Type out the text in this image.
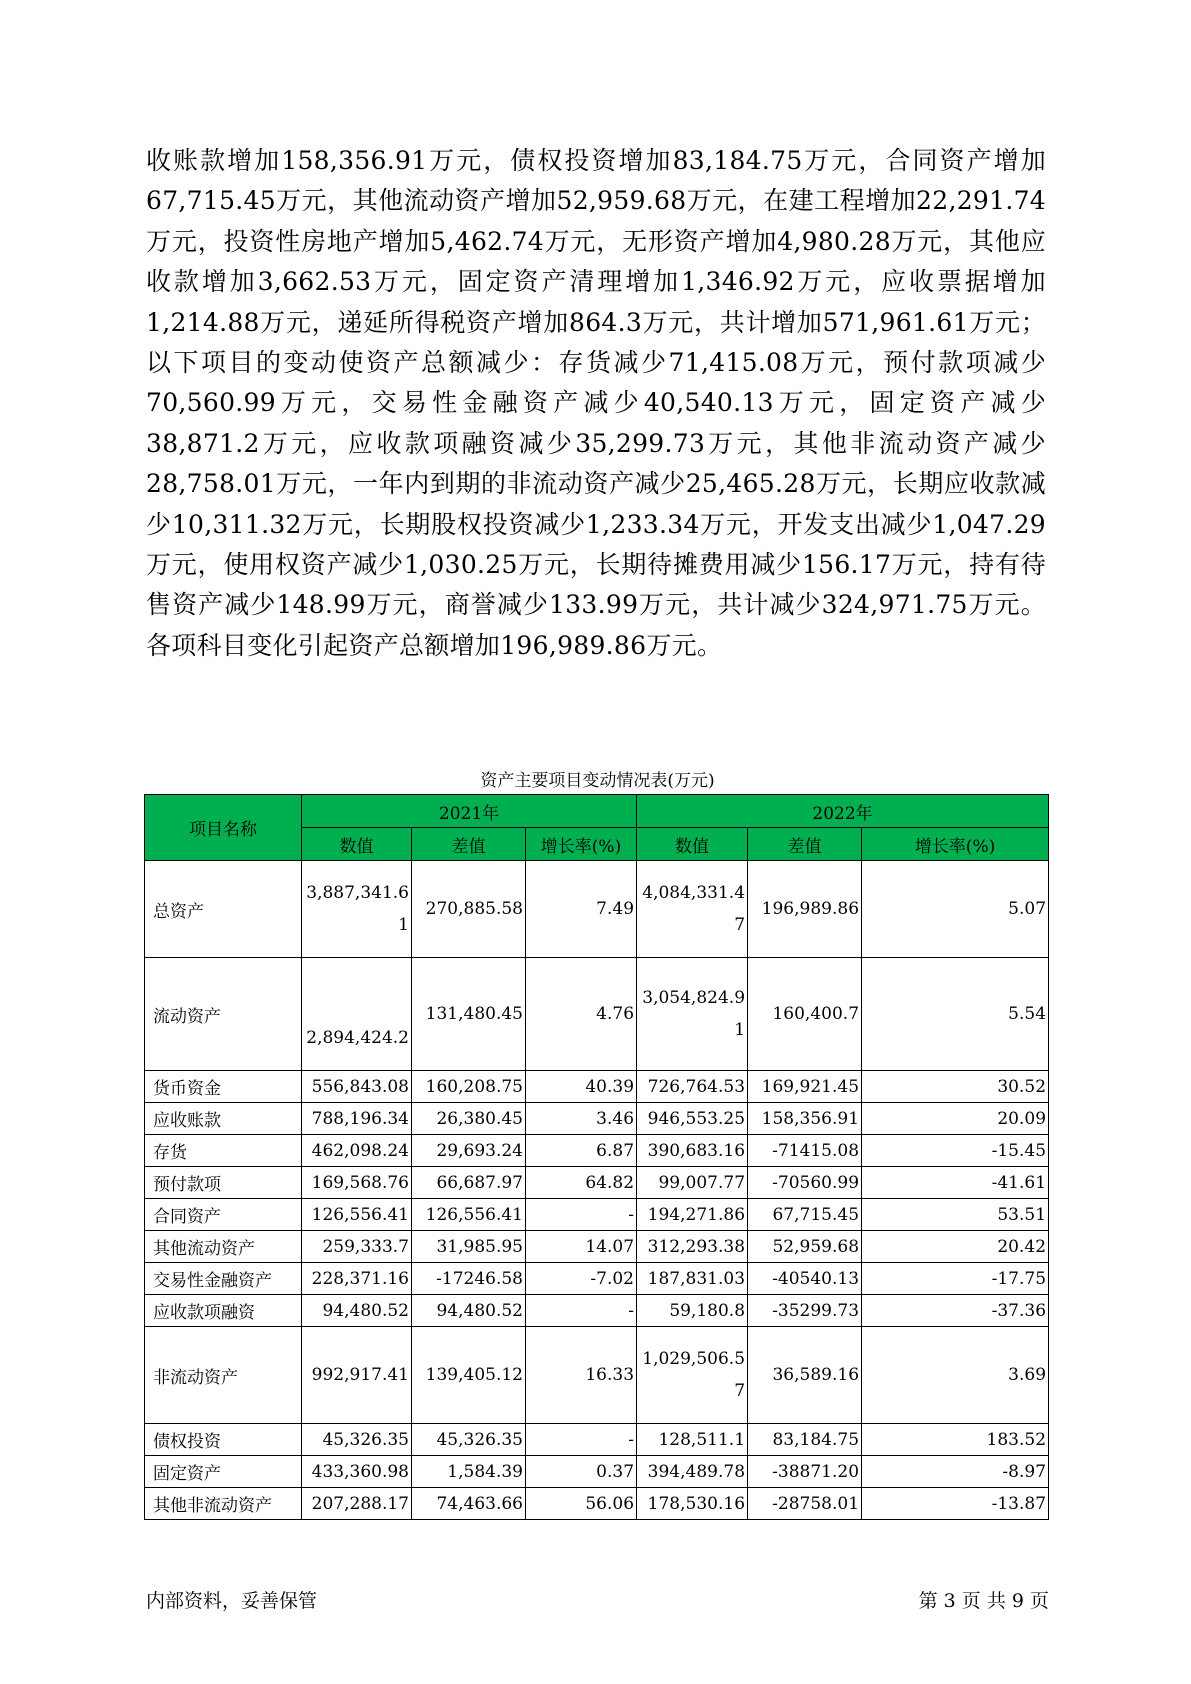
收账款增加158,356.91万元，债权投资增加83,184.75万元，合同资产增加67,715.45万元，其他流动资产增加52,959.68万元，在建工程增加22,291.74万元，投资性房地产增加5,462.74万元，无形资产增加4,980.28万元，其他应收款增加3,662.53万元，固定资产清理增加1,346.92万元，应收票据增加1,214.88万元，递延所得税资产增加864.3万元，共计增加571,961.61万元；以下项目的变动使资产总额减少：存货减少71,415.08万元，预付款项减少70,560.99万元，交易性金融资产减少40,540.13万元，固定资产减少38,871.2万元，应收款项融资减少35,299.73万元，其他非流动资产减少28,758.01万元，一年内到期的非流动资产减少25,465.28万元，长期应收款减少10,311.32万元，长期股权投资减少1,233.34万元，开发支出减少1,047.29万元，使用权资产减少1,030.25万元，长期待摊费用减少156.17万元，持有待售资产减少148.99万元，商誉减少133.99万元，共计减少324,971.75万元。各项科目变化引起资产总额增加196,989.86万元。

资产主要项目变动情况表(万元)
项目名称	2021年			2022年		
	数值	差值	增长率(%)	数值	差值	增长率(%)
总资产	3,887,341.61	270,885.58	7.49	4,084,331.47	196,989.86	5.07
流动资产	2,894,424.2	131,480.45	4.76	3,054,824.91	160,400.7	5.54
货币资金	556,843.08	160,208.75	40.39	726,764.53	169,921.45	30.52
应收账款	788,196.34	26,380.45	3.46	946,553.25	158,356.91	20.09
存货	462,098.24	29,693.24	6.87	390,683.16	-71415.08	-15.45
预付款项	169,568.76	66,687.97	64.82	99,007.77	-70560.99	-41.61
合同资产	126,556.41	126,556.41	-	194,271.86	67,715.45	53.51
其他流动资产	259,333.7	31,985.95	14.07	312,293.38	52,959.68	20.42
交易性金融资产	228,371.16	-17246.58	-7.02	187,831.03	-40540.13	-17.75
应收款项融资	94,480.52	94,480.52	-	59,180.8	-35299.73	-37.36
非流动资产	992,917.41	139,405.12	16.33	1,029,506.57	36,589.16	3.69
债权投资	45,326.35	45,326.35	-	128,511.1	83,184.75	183.52
固定资产	433,360.98	1,584.39	0.37	394,489.78	-38871.20	-8.97
其他非流动资产	207,288.17	74,463.66	56.06	178,530.16	-28758.01	-13.87
内部资料，妥善保管	第 3 页 共 9 页
